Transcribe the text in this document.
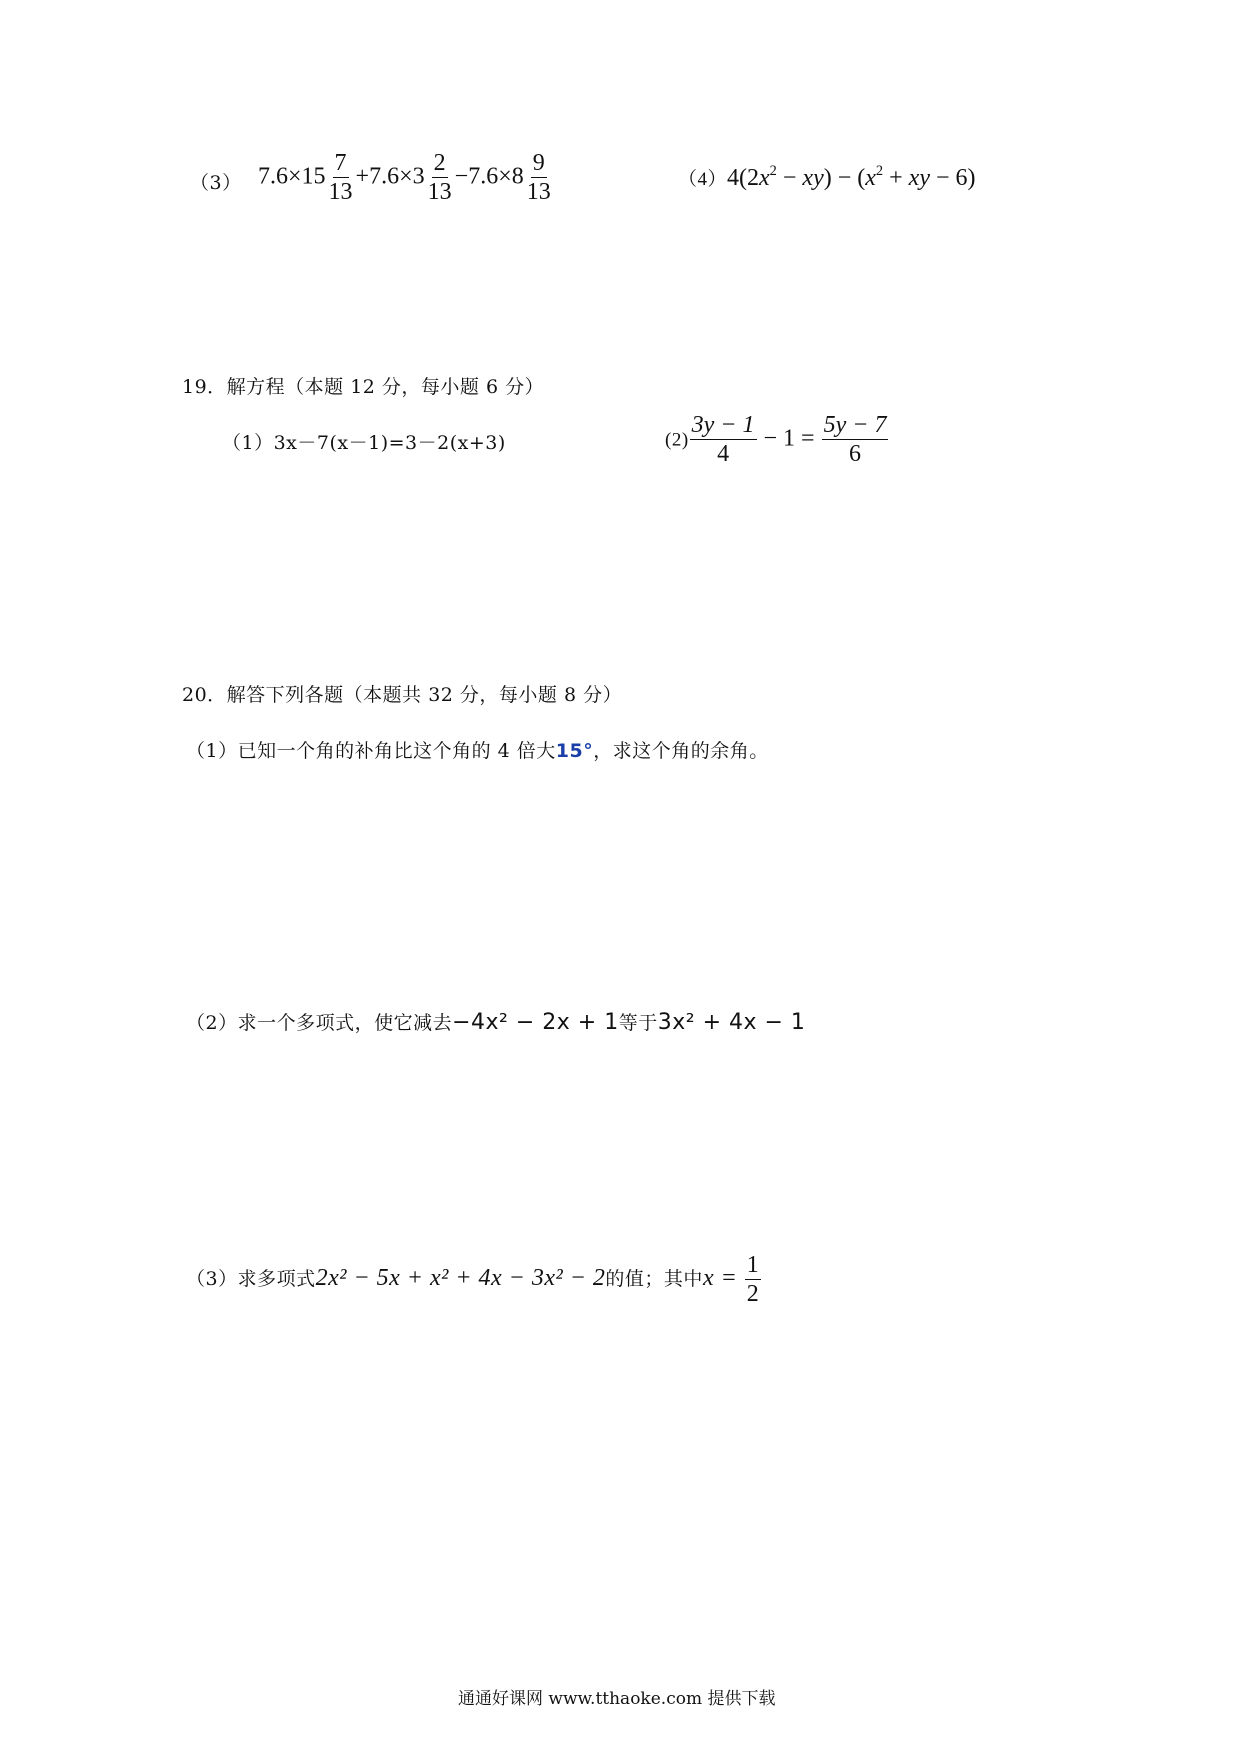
（3） $7.6\times 15 \frac{7}{13} +7.6\times 3 \frac{2}{13} -7.6\times 8 \frac{9}{13}$	$(4)4(2x^2 - xy) - (x^2$ + xy − 6)
19．解方程（本题 12 分，每小题 6 分）
（1）3x－7(x－1)=3－2(x+3)	$(2) \frac{3y - 1}{4} - 1 = \frac{5y - 7}{6}$
20．解答下列各题（本题共 32 分，每小题 8 分）
（1）已知一个角的补角比这个角的 4 倍大15°，求这个角的余角。
（2）求一个多项式，使它减去−4x² − 2x + 1等于3x² + 4x − 1
（3）求多项式2x² − 5x + x² + 4x − 3x² − 2的值；其中$x = \frac{1}{2}$
通通好课网 www.tthaoke.com 提供下载
